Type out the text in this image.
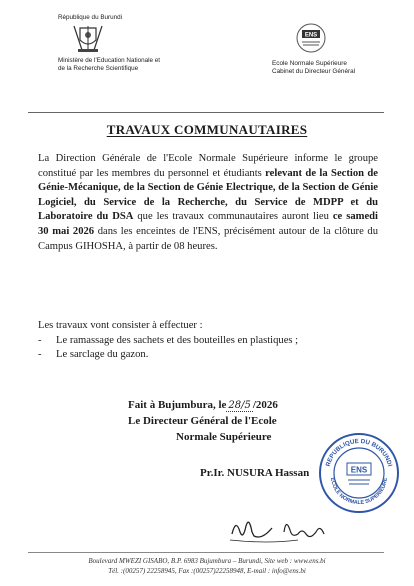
République du Burundi
Ministère de l'Education Nationale et
de la Recherche Scientifique
ENS
Ecole Normale Supérieure
Cabinet du Directeur Général
TRAVAUX COMMUNAUTAIRES
La Direction Générale de l'Ecole Normale Supérieure informe le groupe constitué par les membres du personnel et étudiants relevant de la Section de Génie-Mécanique, de la Section de Génie Electrique, de la Section de Génie Logiciel, du Service de la Recherche, du Service de MDPP et du Laboratoire du DSA que les travaux communautaires auront lieu ce samedi 30 mai 2026 dans les enceintes de l'ENS, précisément autour de la clôture du Campus GIHOSHA, à partir de 08 heures.
Les travaux vont consister à effectuer :
-	Le ramassage des sachets et des bouteilles en plastiques ;
-	Le sarclage du gazon.
Fait à Bujumbura, le 28/5 /2026
Le Directeur Général de l'Ecole
Normale Supérieure
Pr.Ir. NUSURA Hassan
REPUBLIQUE DU BURUNDI
ECOLE NORMALE SUPERIEURE
ENS
Boulevard MWEZI GISABO, B.P. 6983 Bujumbura – Burundi, Site web : www.ens.bi
Tél. :(00257) 22258945, Fax :(00257)22258948, E-mail : info@ens.bi
